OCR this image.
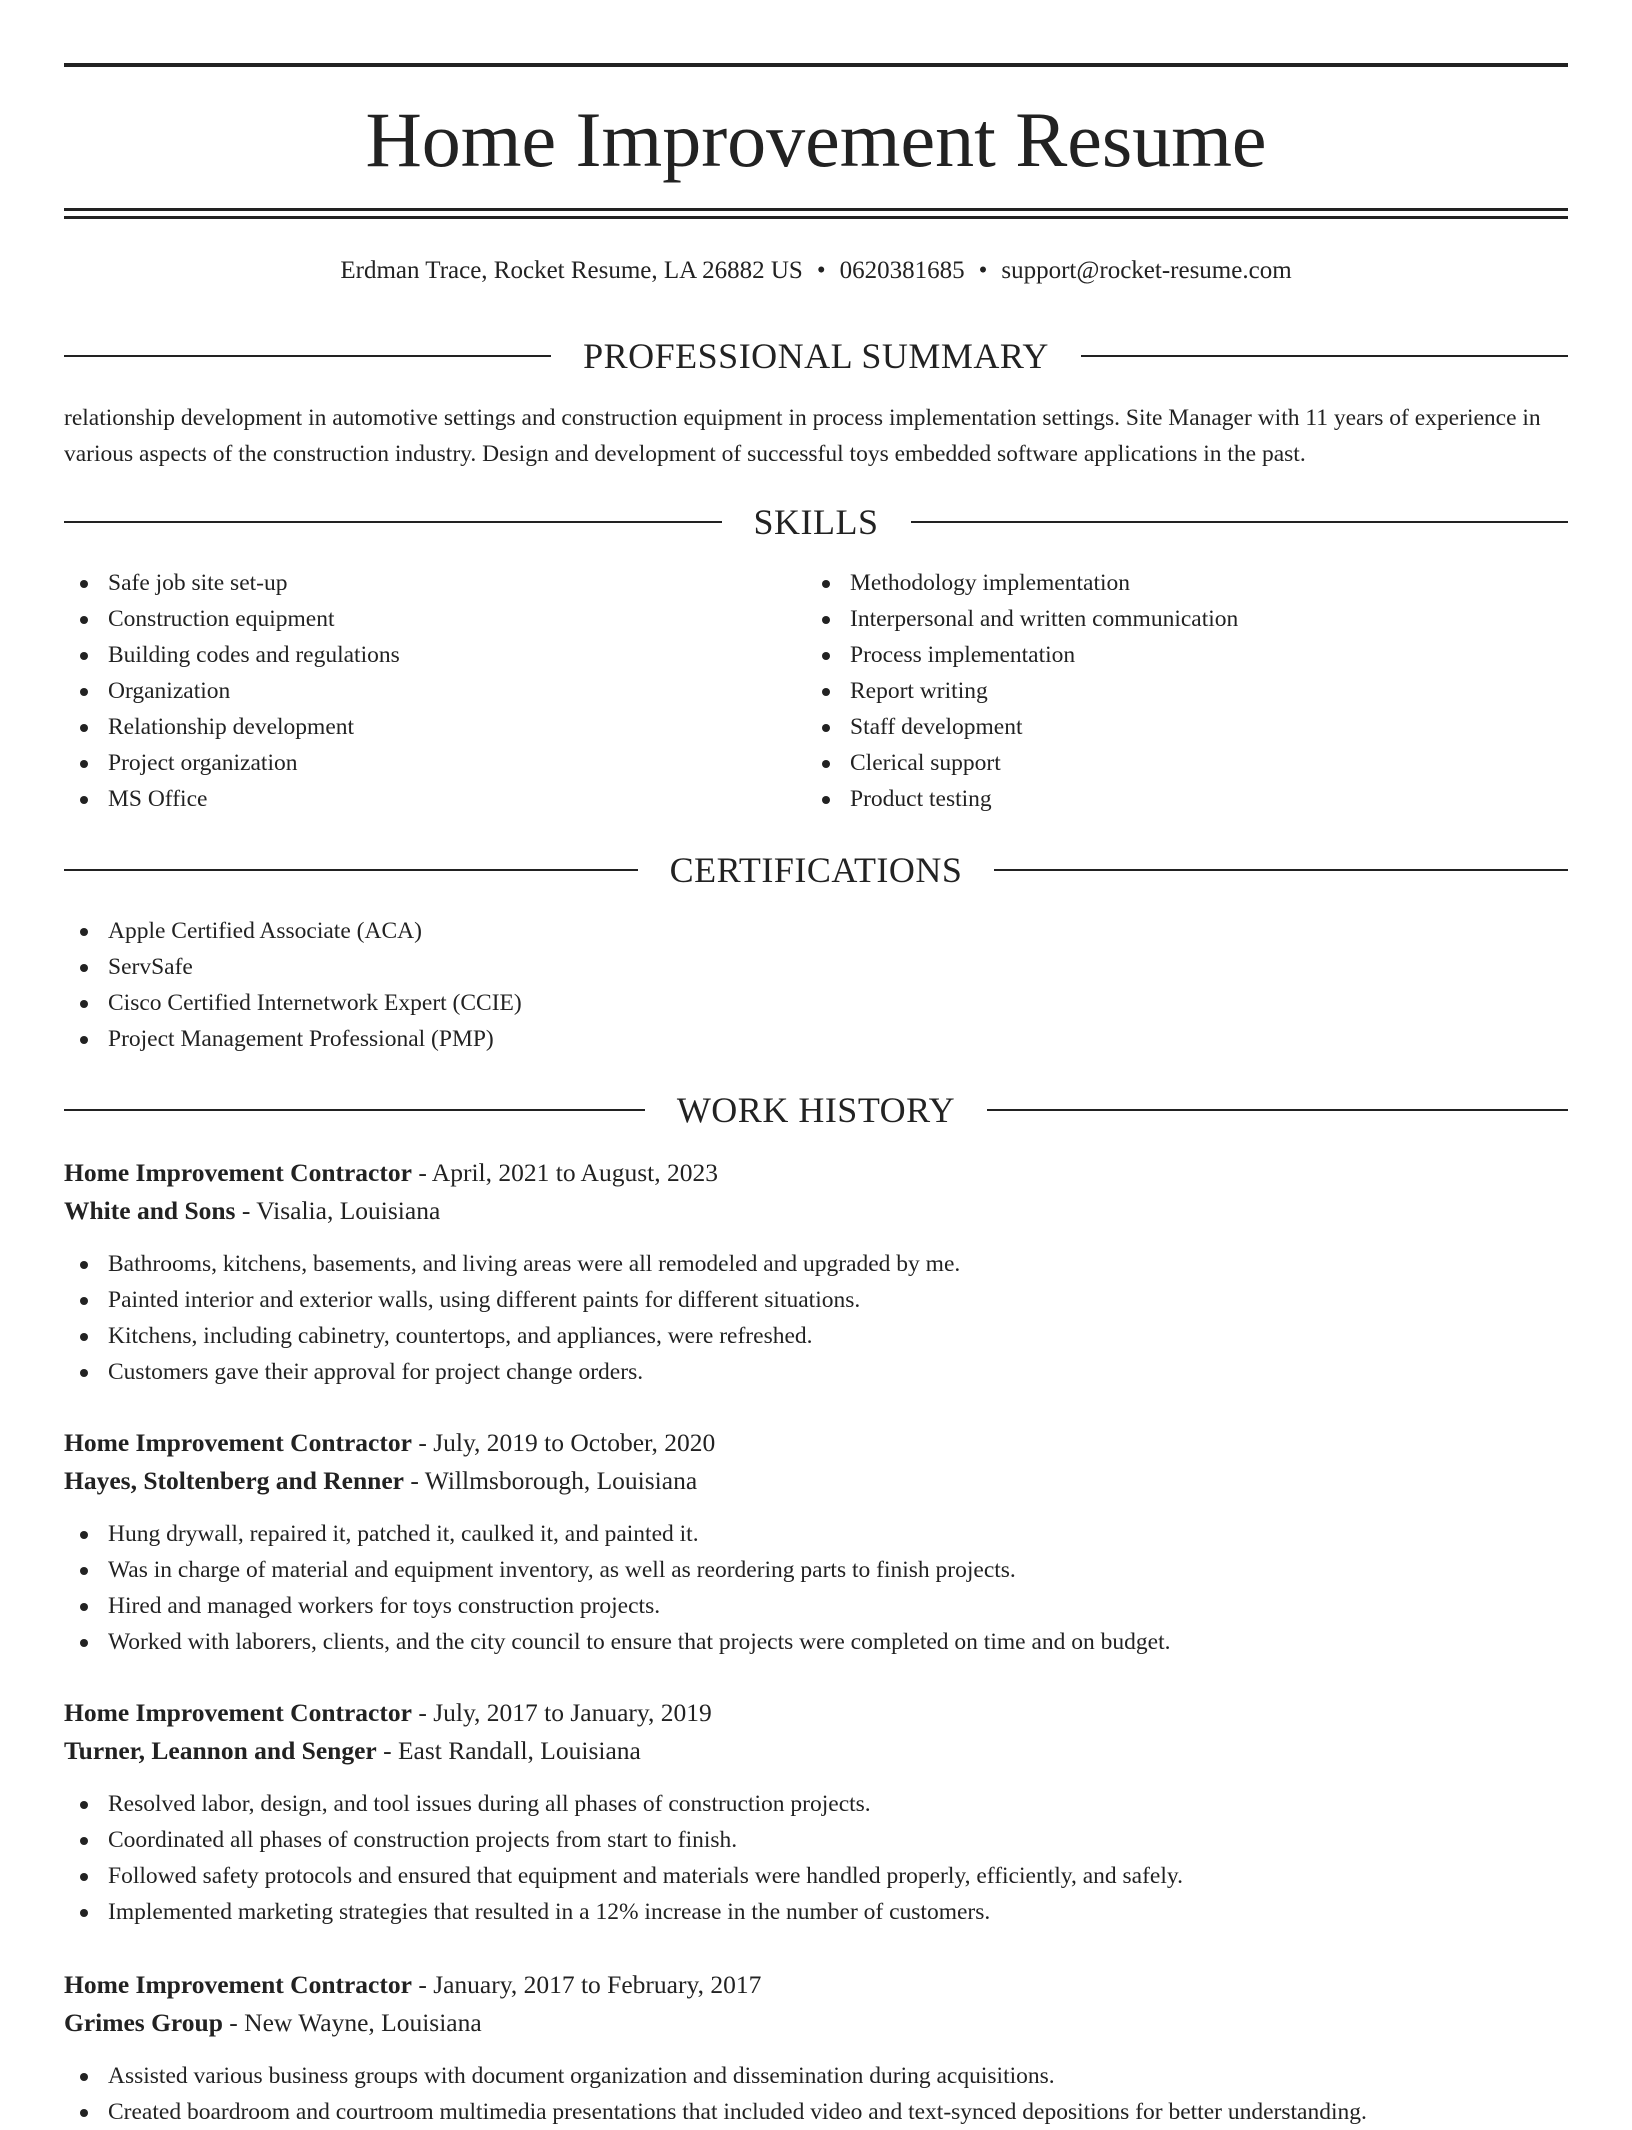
Home Improvement Resume
Erdman Trace, Rocket Resume, LA 26882 US • 0620381685 • support@rocket-resume.com
PROFESSIONAL SUMMARY

relationship development in automotive settings and construction equipment in process implementation settings. Site Manager with 11 years of experience in various aspects of the construction industry. Design and development of successful toys embedded software applications in the past.

SKILLS
Safe job site set-up
Construction equipment
Building codes and regulations
Organization
Relationship development
Project organization
MS Office
Methodology implementation
Interpersonal and written communication
Process implementation
Report writing
Staff development
Clerical support
Product testing
CERTIFICATIONS
Apple Certified Associate (ACA)
ServSafe
Cisco Certified Internetwork Expert (CCIE)
Project Management Professional (PMP)
WORK HISTORY

Home Improvement Contractor - April, 2021 to August, 2023

White and Sons - Visalia, Louisiana

Bathrooms, kitchens, basements, and living areas were all remodeled and upgraded by me.
Painted interior and exterior walls, using different paints for different situations.
Kitchens, including cabinetry, countertops, and appliances, were refreshed.
Customers gave their approval for project change orders.

Home Improvement Contractor - July, 2019 to October, 2020

Hayes, Stoltenberg and Renner - Willmsborough, Louisiana

Hung drywall, repaired it, patched it, caulked it, and painted it.
Was in charge of material and equipment inventory, as well as reordering parts to finish projects.
Hired and managed workers for toys construction projects.
Worked with laborers, clients, and the city council to ensure that projects were completed on time and on budget.

Home Improvement Contractor - July, 2017 to January, 2019

Turner, Leannon and Senger - East Randall, Louisiana

Resolved labor, design, and tool issues during all phases of construction projects.
Coordinated all phases of construction projects from start to finish.
Followed safety protocols and ensured that equipment and materials were handled properly, efficiently, and safely.
Implemented marketing strategies that resulted in a 12% increase in the number of customers.

Home Improvement Contractor - January, 2017 to February, 2017

Grimes Group - New Wayne, Louisiana

Assisted various business groups with document organization and dissemination during acquisitions.
Created boardroom and courtroom multimedia presentations that included video and text-synced depositions for better understanding.
